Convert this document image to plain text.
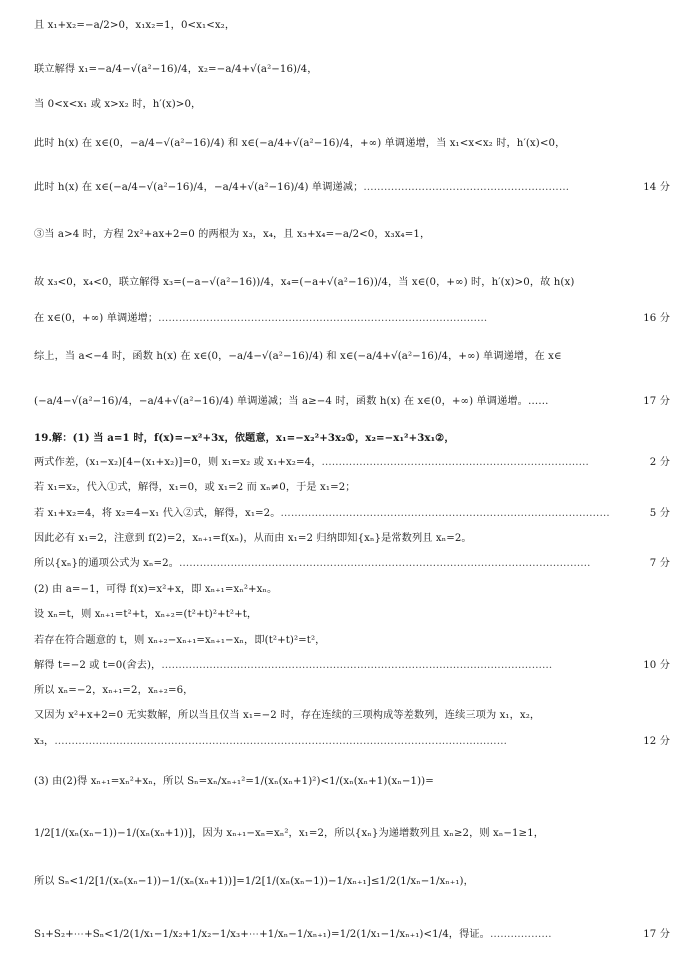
且 x₁+x₂=−a/2>0，x₁x₂=1，0<x₁<x₂，
联立解得 x₁=−a/4−√(a²−16)/4，x₂=−a/4+√(a²−16)/4，
当 0<x<x₁ 或 x>x₂ 时，h′(x)>0，
此时 h(x) 在 x∈(0，−a/4−√(a²−16)/4) 和 x∈(−a/4+√(a²−16)/4，+∞) 单调递增，当 x₁<x<x₂ 时，h′(x)<0，
此时 h(x) 在 x∈(−a/4−√(a²−16)/4，−a/4+√(a²−16)/4) 单调递减；……………………………………………………	14 分
③当 a>4 时，方程 2x²+ax+2=0 的两根为 x₃，x₄，且 x₃+x₄=−a/2<0，x₃x₄=1，
故 x₃<0，x₄<0，联立解得 x₃=(−a−√(a²−16))/4，x₄=(−a+√(a²−16))/4，当 x∈(0，+∞) 时，h′(x)>0，故 h(x)
在 x∈(0，+∞) 单调递增；……………………………………………………………………………………	16 分
综上，当 a<−4 时，函数 h(x) 在 x∈(0，−a/4−√(a²−16)/4) 和 x∈(−a/4+√(a²−16)/4，+∞) 单调递增，在 x∈
(−a/4−√(a²−16)/4，−a/4+√(a²−16)/4) 单调递减；当 a≥−4 时，函数 h(x) 在 x∈(0，+∞) 单调递增。……	17 分
19.解：(1) 当 a=1 时，f(x)=−x²+3x，依题意，x₁=−x₂²+3x₂①，x₂=−x₁²+3x₁②，
两式作差，(x₁−x₂)[4−(x₁+x₂)]=0，则 x₁=x₂ 或 x₁+x₂=4，……………………………………………………………………	2 分
若 x₁=x₂，代入①式，解得，x₁=0，或 x₁=2 而 xₙ≠0，于是 x₁=2；
若 x₁+x₂=4，将 x₂=4−x₁ 代入②式，解得，x₁=2。……………………………………………………………………………………	5 分
因此必有 x₁=2，注意到 f(2)=2，xₙ₊₁=f(xₙ)，从而由 x₁=2 归纳即知{xₙ}是常数列且 xₙ=2。
所以{xₙ}的通项公式为 xₙ=2。…………………………………………………………………………………………………………	7 分
(2) 由 a=−1，可得 f(x)=x²+x，即 xₙ₊₁=xₙ²+xₙ。
设 xₙ=t，则 xₙ₊₁=t²+t，xₙ₊₂=(t²+t)²+t²+t，
若存在符合题意的 t，则 xₙ₊₂−xₙ₊₁=xₙ₊₁−xₙ，即(t²+t)²=t²，
解得 t=−2 或 t=0(舍去)，……………………………………………………………………………………………………	10 分
所以 xₙ=−2，xₙ₊₁=2，xₙ₊₂=6，
又因为 x²+x+2=0 无实数解，所以当且仅当 x₁=−2 时，存在连续的三项构成等差数列，连续三项为 x₁，x₂，
x₃，……………………………………………………………………………………………………………………	12 分
(3) 由(2)得 xₙ₊₁=xₙ²+xₙ，所以 Sₙ=xₙ/xₙ₊₁²=1/(xₙ(xₙ+1)²)<1/(xₙ(xₙ+1)(xₙ−1))=
1/2[1/(xₙ(xₙ−1))−1/(xₙ(xₙ+1))]，因为 xₙ₊₁−xₙ=xₙ²，x₁=2，所以{xₙ}为递增数列且 xₙ≥2，则 xₙ−1≥1，
所以 Sₙ<1/2[1/(xₙ(xₙ−1))−1/(xₙ(xₙ+1))]=1/2[1/(xₙ(xₙ−1))−1/xₙ₊₁]≤1/2(1/xₙ−1/xₙ₊₁)，
S₁+S₂+⋯+Sₙ<1/2(1/x₁−1/x₂+1/x₂−1/x₃+⋯+1/xₙ−1/xₙ₊₁)=1/2(1/x₁−1/xₙ₊₁)<1/4，得证。………………	17 分
